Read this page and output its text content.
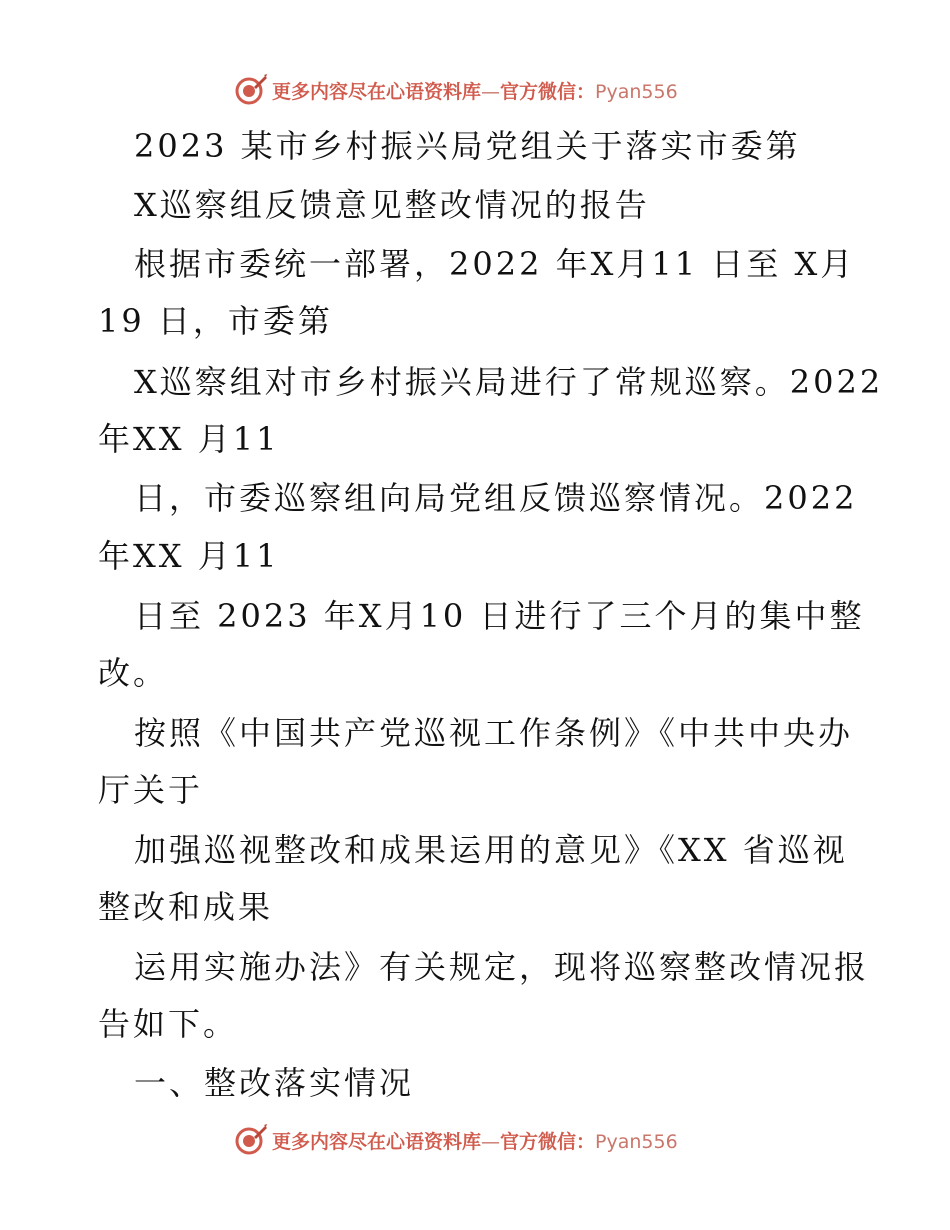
更多内容尽在心语资料库—官方微信：Pyan556
2023 某市乡村振兴局党组关于落实市委第
X巡察组反馈意见整改情况的报告
根据市委统一部署，2022 年X月11 日至 X月
19 日，市委第
X巡察组对市乡村振兴局进行了常规巡察。2022
年XX 月11
日，市委巡察组向局党组反馈巡察情况。2022
年XX 月11
日至 2023 年X月10 日进行了三个月的集中整
改。
按照《中国共产党巡视工作条例》《中共中央办
厅关于
加强巡视整改和成果运用的意见》《XX 省巡视
整改和成果
运用实施办法》有关规定，现将巡察整改情况报
告如下。
一、整改落实情况
更多内容尽在心语资料库—官方微信：Pyan556
